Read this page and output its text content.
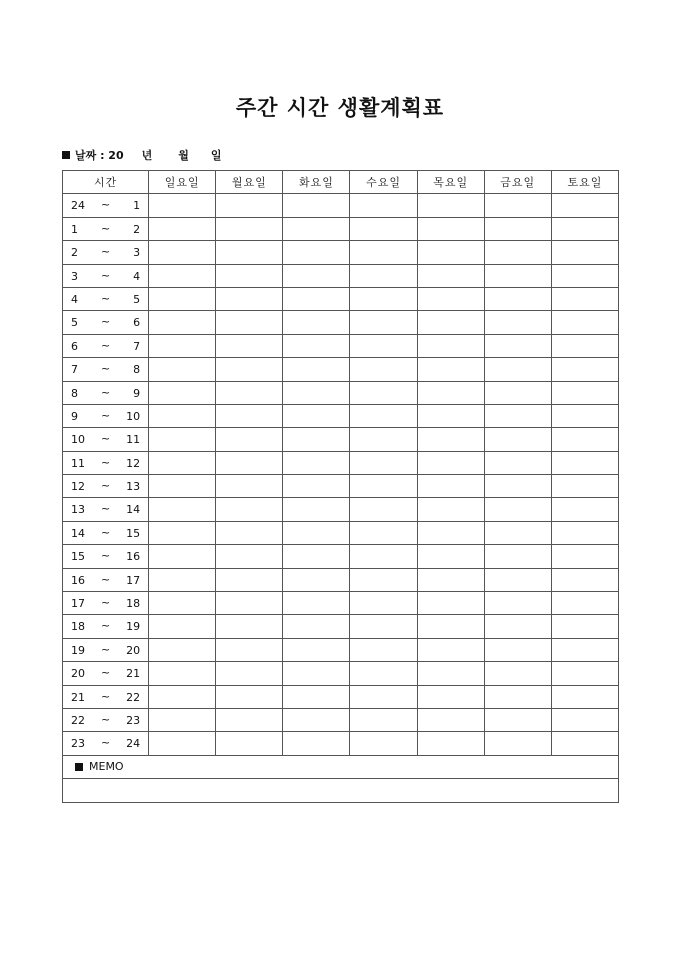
주간 시간 생활계획표
날짜 : 20 년 월 일
시간	일요일	월요일	화요일	수요일	목요일	금요일	토요일

24 ~ 1							

1 ~ 2							

2 ~ 3							

3 ~ 4							

4 ~ 5							

5 ~ 6							

6 ~ 7							

7 ~ 8							

8 ~ 9							

9 ~ 10							

10 ~ 11							

11 ~ 12							

12 ~ 13							

13 ~ 14							

14 ~ 15							

15 ~ 16							

16 ~ 17							

17 ~ 18							

18 ~ 19							

19 ~ 20							

20 ~ 21							

21 ~ 22							

22 ~ 23							

23 ~ 24							

MEMO							
